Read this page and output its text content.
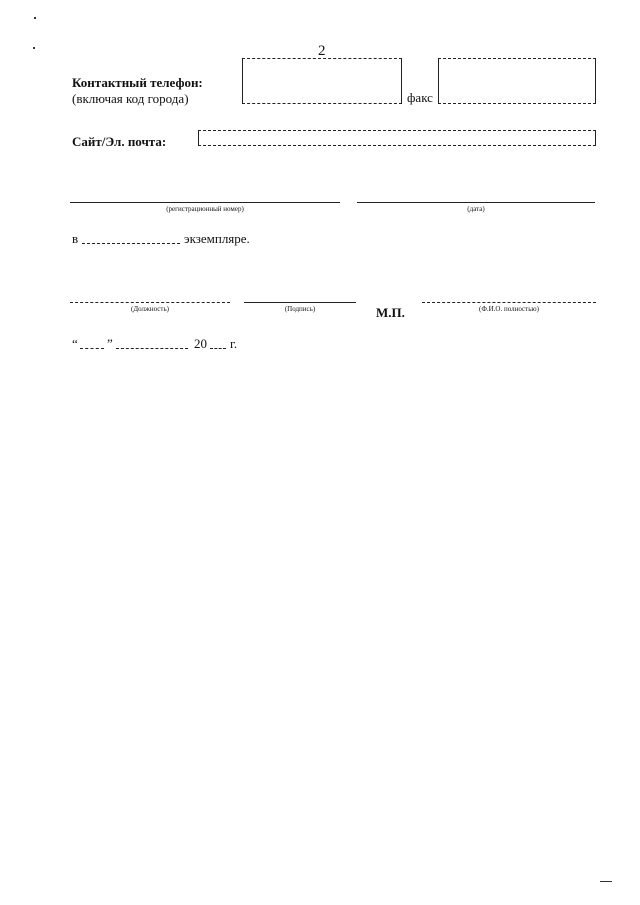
2
Контактный телефон:
(включая код города)	факс
Сайт/Эл. почта:
(регистрационный номер)	(дата)
в	экземпляре.
(Должность)	(Подпись)	М.П.	(Ф.И.О. полностью)
“ ”	20 г.
